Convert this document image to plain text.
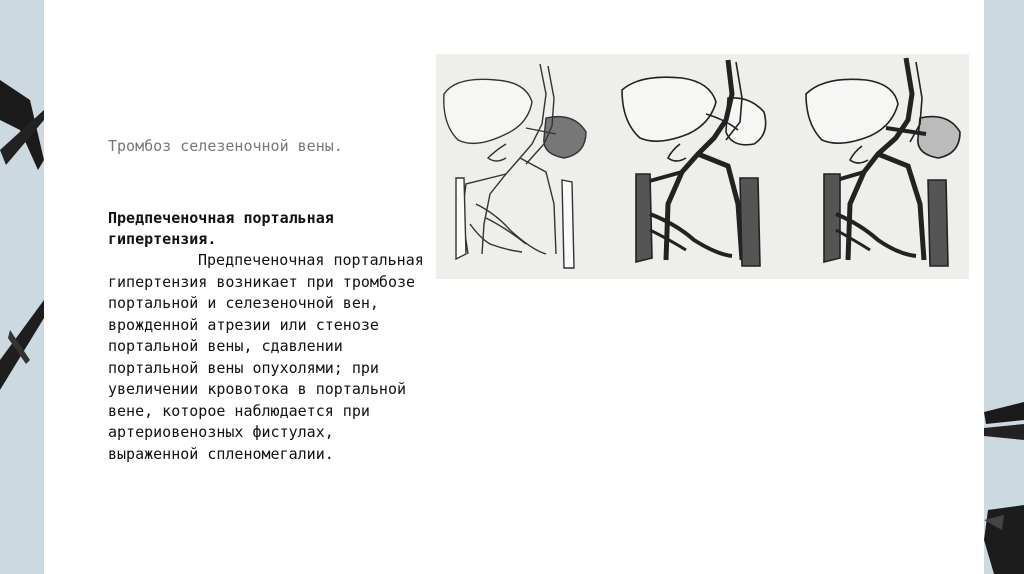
Тромбоз селезеночной вены.

Предпеченочная портальная гипертензия.

Предпеченочная портальная гипертензия возникает при тромбозе портальной и селезеночной вен, врожденной атрезии или стенозе портальной вены, сдавлении портальной вены опухолями; при увеличении кровотока в портальной вене, которое наблюдается при артериовенозных фистулах, выраженной спленомегалии.
